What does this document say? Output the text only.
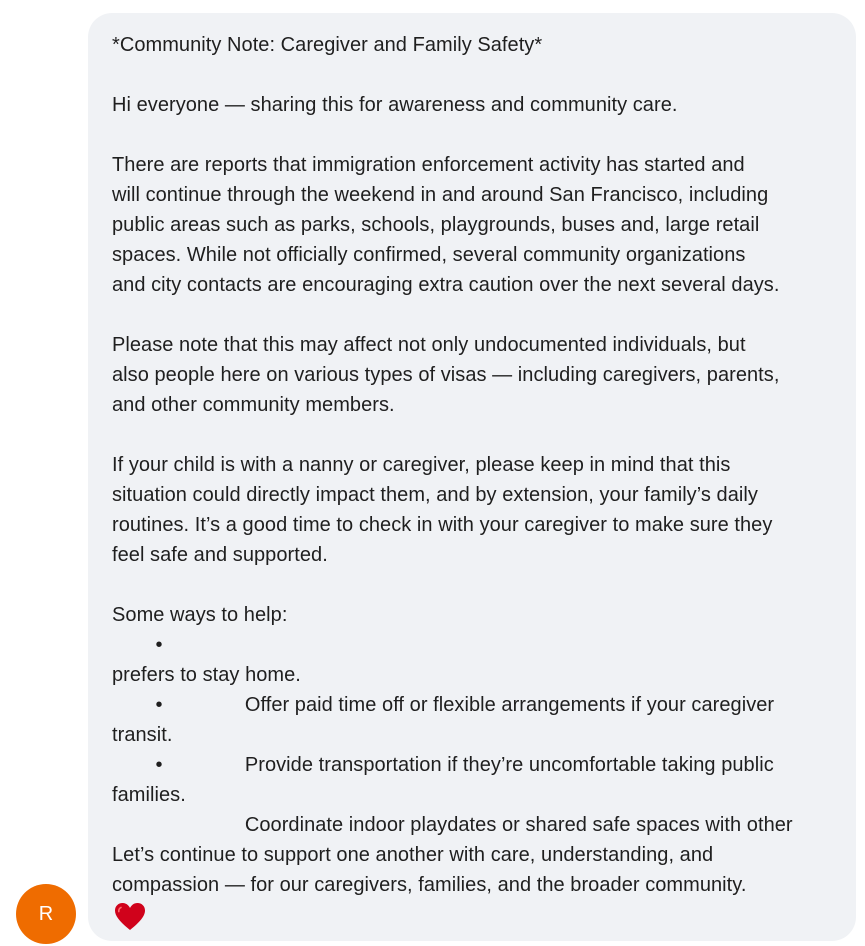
*Community Note: Caregiver and Family Safety*
Hi everyone — sharing this for awareness and community care.
There are reports that immigration enforcement activity has started and
will continue through the weekend in and around San Francisco, including
public areas such as parks, schools, playgrounds, buses and, large retail
spaces. While not officially confirmed, several community organizations
and city contacts are encouraging extra caution over the next several days.
Please note that this may affect not only undocumented individuals, but
also people here on various types of visas — including caregivers, parents,
and other community members.
If your child is with a nanny or caregiver, please keep in mind that this
situation could directly impact them, and by extension, your family’s daily
routines. It’s a good time to check in with your caregiver to make sure they
feel safe and supported.
Some ways to help:

•

Offer paid time off or flexible arrangements if your caregiver

prefers to stay home.

•

Provide transportation if they’re uncomfortable taking public

transit.

•

Coordinate indoor playdates or shared safe spaces with other

families.
Let’s continue to support one another with care, understanding, and
compassion — for our caregivers, families, and the broader community.
R
